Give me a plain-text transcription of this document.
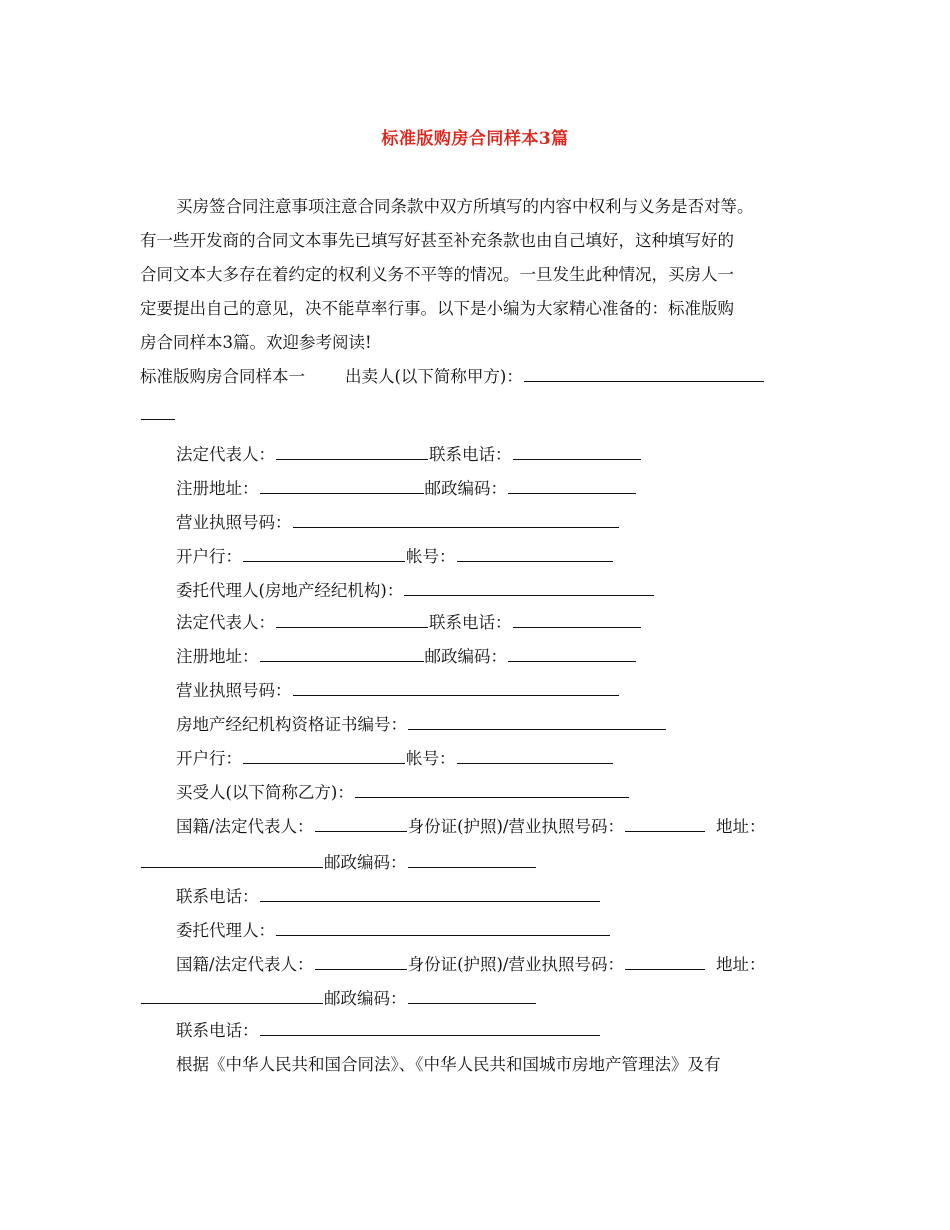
标准版购房合同样本3篇
买房签合同注意事项注意合同条款中双方所填写的内容中权利与义务是否对等。
有一些开发商的合同文本事先已填写好甚至补充条款也由自己填好，这种填写好的
合同文本大多存在着约定的权利义务不平等的情况。一旦发生此种情况，买房人一
定要提出自己的意见，决不能草率行事。以下是小编为大家精心准备的：标准版购
房合同样本3篇。欢迎参考阅读!
标准版购房合同样本一 出卖人(以下简称甲方)：
法定代表人：	联系电话：
注册地址：	邮政编码：
营业执照号码：
开户行：	帐号：
委托代理人(房地产经纪机构)：
法定代表人：	联系电话：
注册地址：	邮政编码：
营业执照号码：
房地产经纪机构资格证书编号：
开户行：	帐号：
买受人(以下简称乙方)：
国籍/法定代表人：	身份证(护照)/营业执照号码：	地址：
邮政编码：
联系电话：
委托代理人：
国籍/法定代表人：	身份证(护照)/营业执照号码：	地址：
邮政编码：
联系电话：
根据《中华人民共和国合同法》、《中华人民共和国城市房地产管理法》及有
